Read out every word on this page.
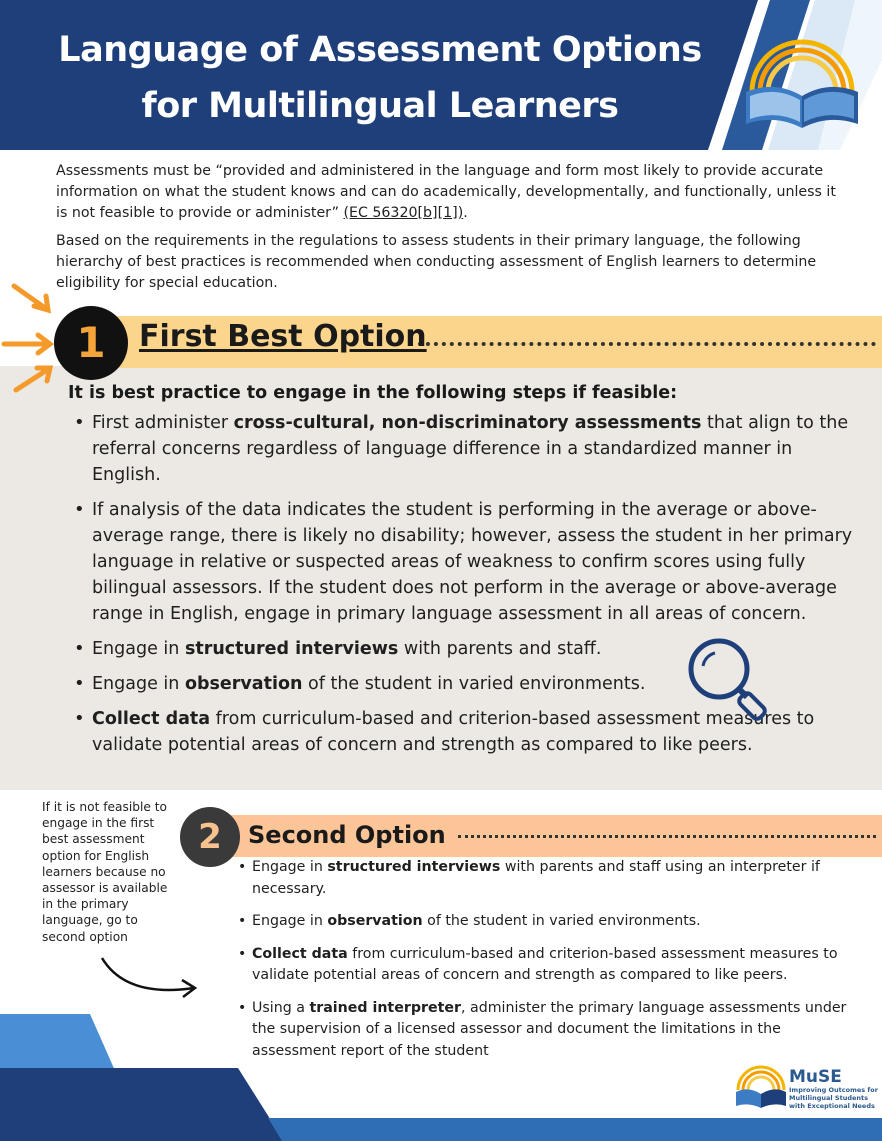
Language of Assessment Options
for Multilingual Learners

Assessments must be “provided and administered in the language and form most likely to provide accurate information on what the student knows and can do academically, developmentally, and functionally, unless it is not feasible to provide or administer” (EC 56320[b][1]).

Based on the requirements in the regulations to assess students in their primary language, the following hierarchy of best practices is recommended when conducting assessment of English learners to determine eligibility for special education.

1	First Best Option
It is best practice to engage in the following steps if feasible:
• First administer cross-cultural, non-discriminatory assessments that align to the referral concerns regardless of language difference in a standardized manner in English.
• If analysis of the data indicates the student is performing in the average or above-average range, there is likely no disability; however, assess the student in her primary language in relative or suspected areas of weakness to confirm scores using fully bilingual assessors. If the student does not perform in the average or above-average range in English, engage in primary language assessment in all areas of concern.
• Engage in structured interviews with parents and staff.
• Engage in observation of the student in varied environments.
• Collect data from curriculum-based and criterion-based assessment measures to validate potential areas of concern and strength as compared to like peers.
2	Second Option
If it is not feasible to engage in the first best assessment option for English learners because no assessor is available in the primary language, go to second option
• Engage in structured interviews with parents and staff using an interpreter if necessary.
• Engage in observation of the student in varied environments.
• Collect data from curriculum-based and criterion-based assessment measures to validate potential areas of concern and strength as compared to like peers.
• Using a trained interpreter, administer the primary language assessments under the supervision of a licensed assessor and document the limitations in the assessment report of the student
MuSE
Improving Outcomes for Multilingual Students with Exceptional Needs
